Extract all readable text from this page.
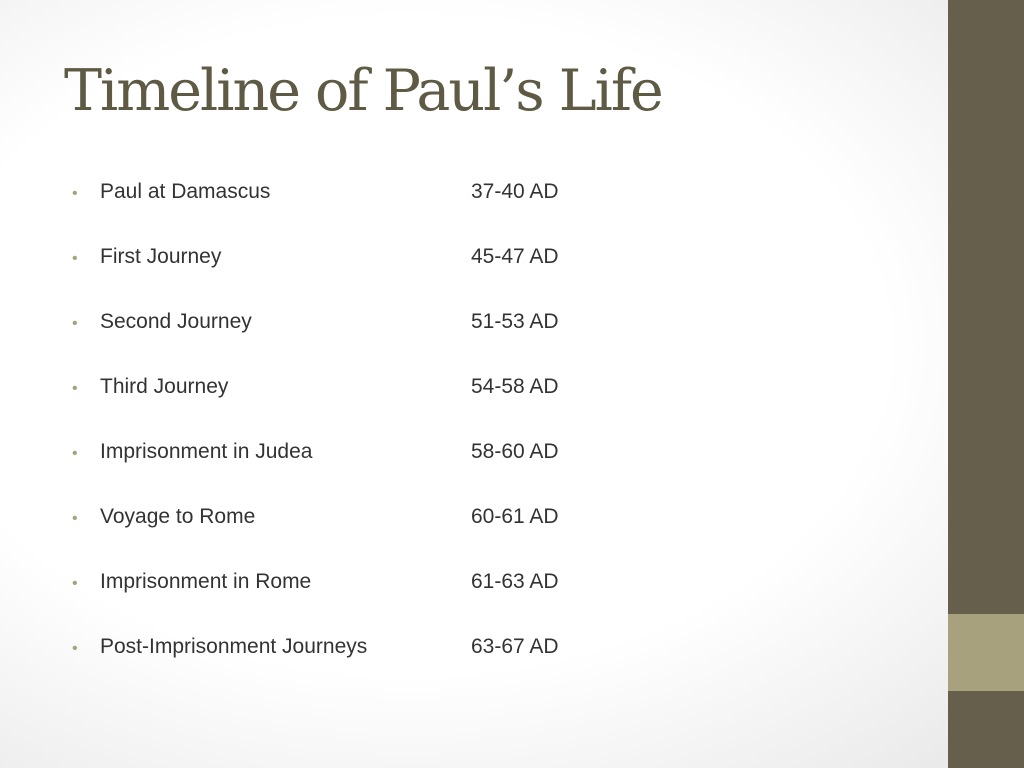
Timeline of Paul’s Life
•	Paul at Damascus	37-40 AD
•	First Journey	45-47 AD
•	Second Journey	51-53 AD
•	Third Journey	54-58 AD
•	Imprisonment in Judea	58-60 AD
•	Voyage to Rome	60-61 AD
•	Imprisonment in Rome	61-63 AD
•	Post-Imprisonment Journeys	63-67 AD
